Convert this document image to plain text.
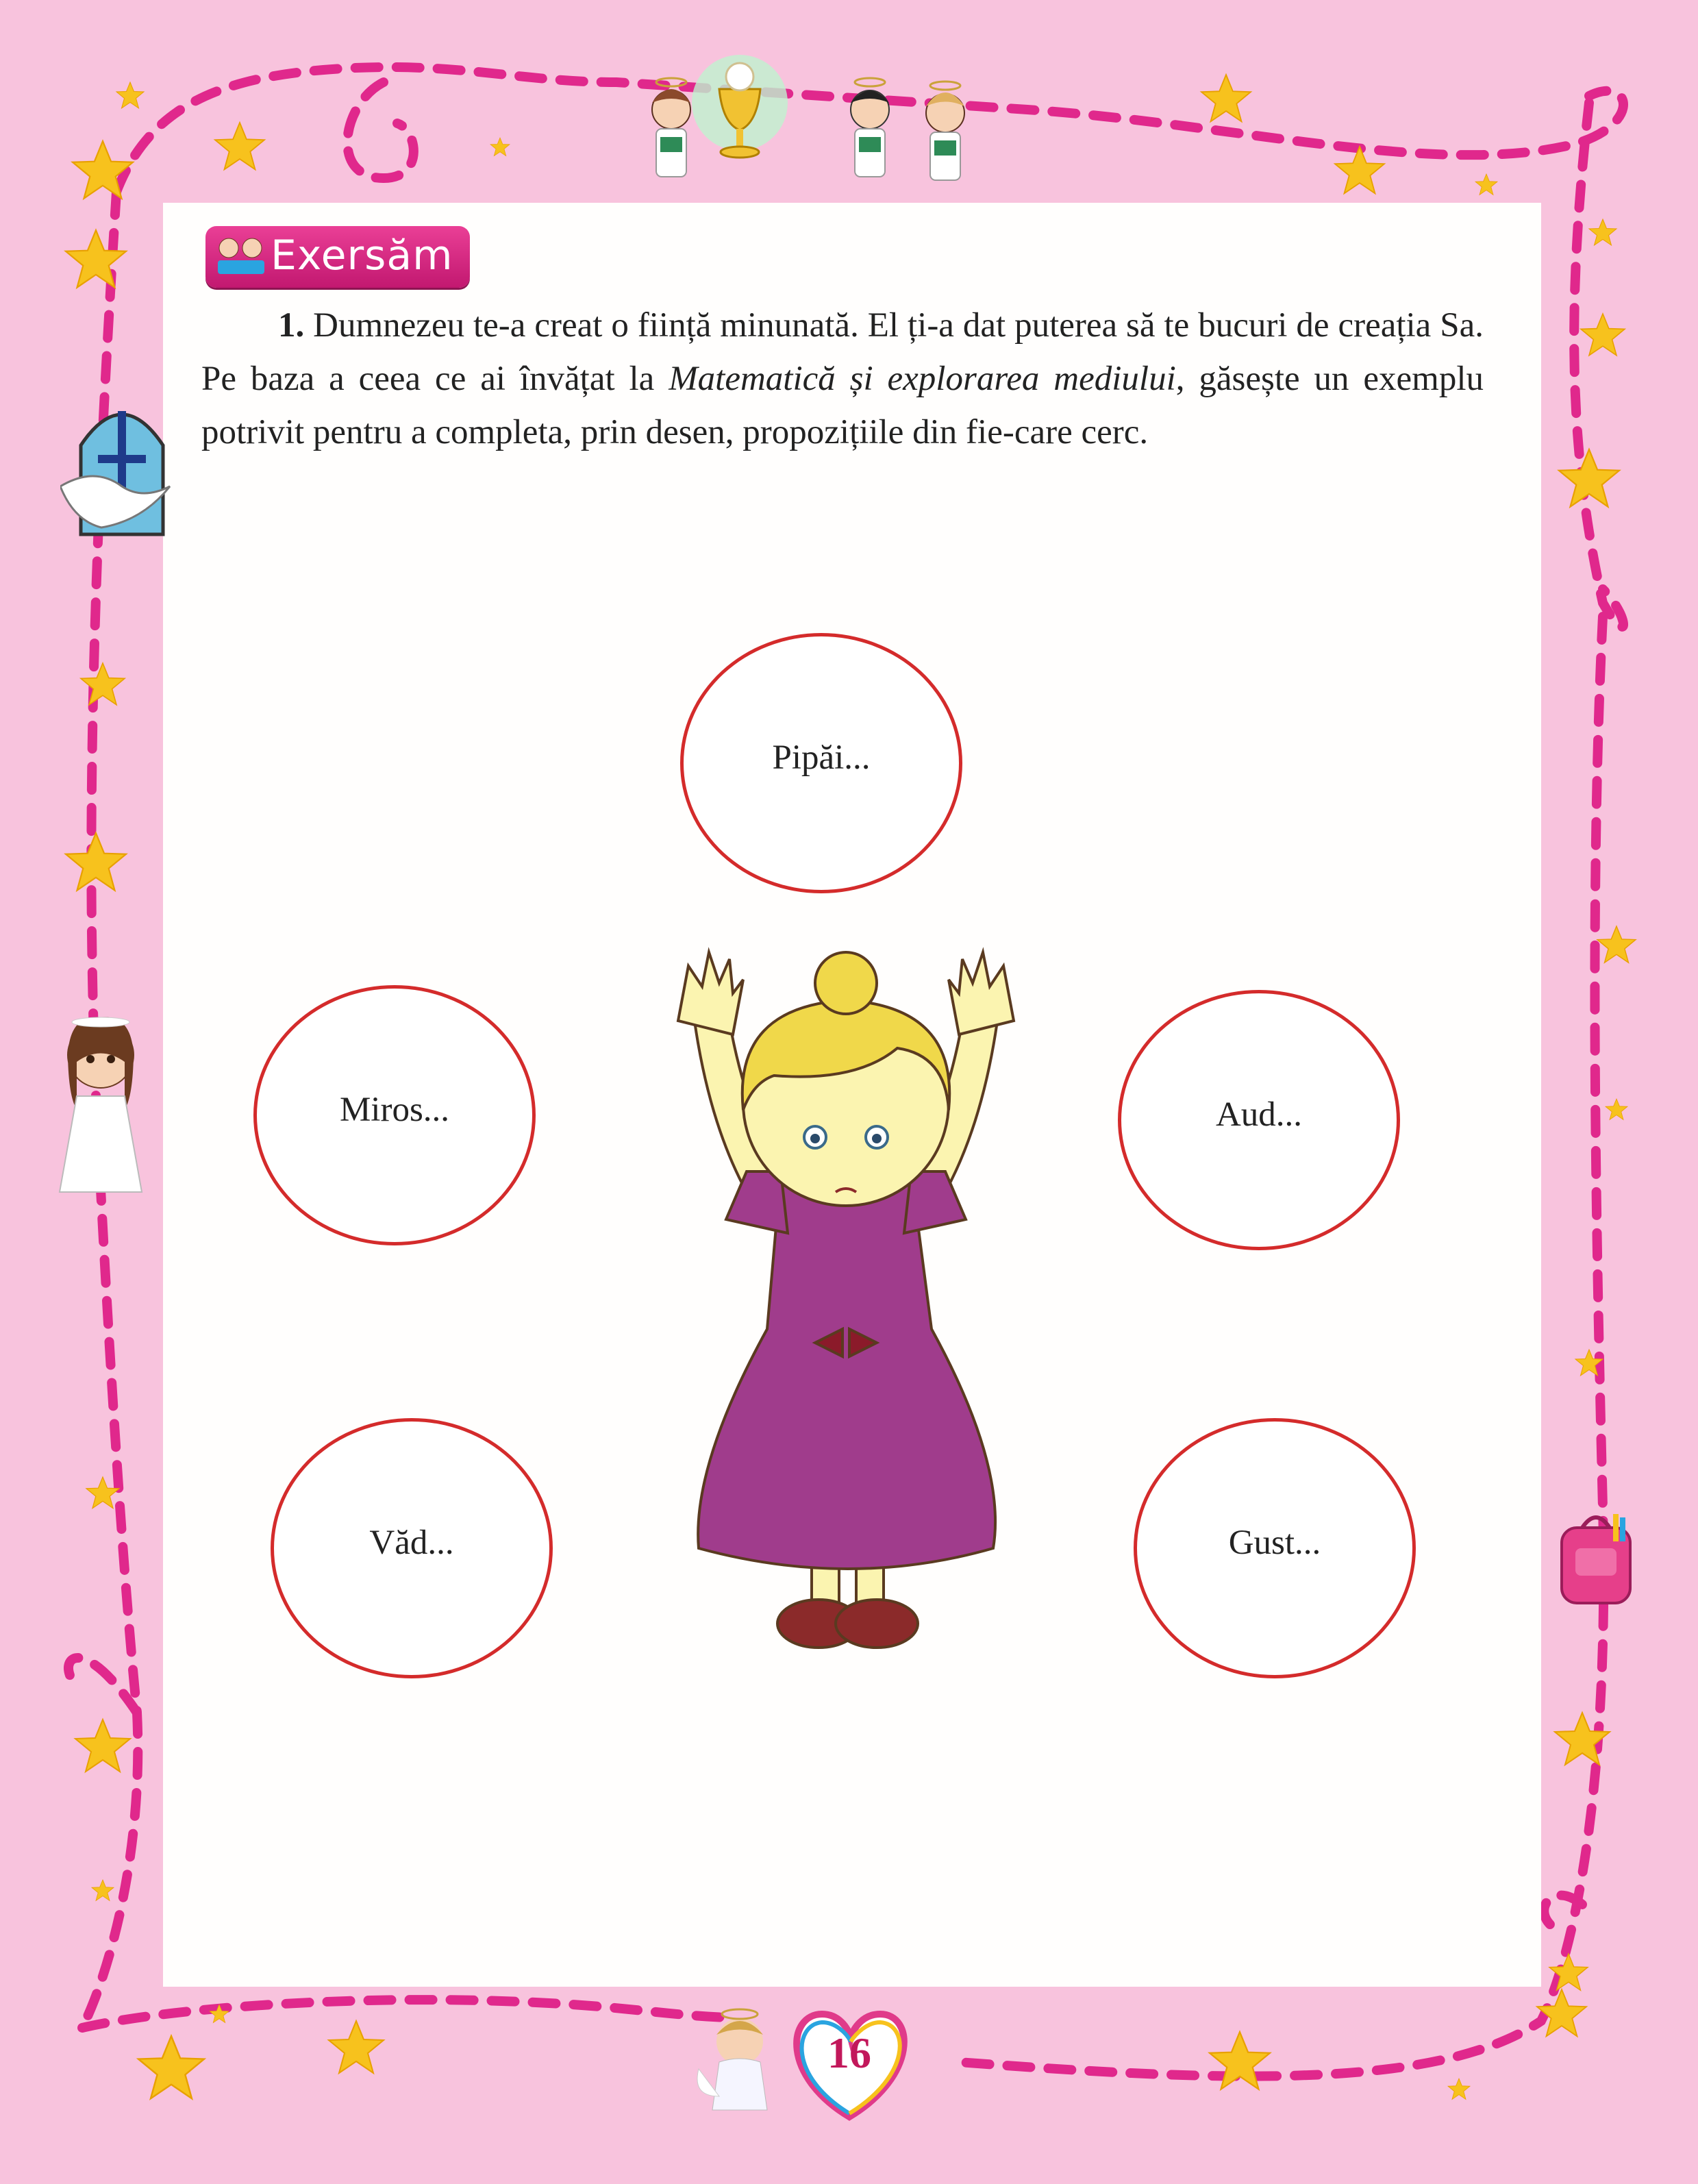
16
Exersăm
1. Dumnezeu te-a creat o ființă minunată. El ți-a dat puterea să te bucuri de creația Sa. Pe baza a ceea ce ai învățat la Matematică și explorarea mediului, găsește un exemplu potrivit pentru a completa, prin desen, propozițiile din fie-care cerc.
Pipăi...
Miros...	Aud...
Văd...	Gust...
